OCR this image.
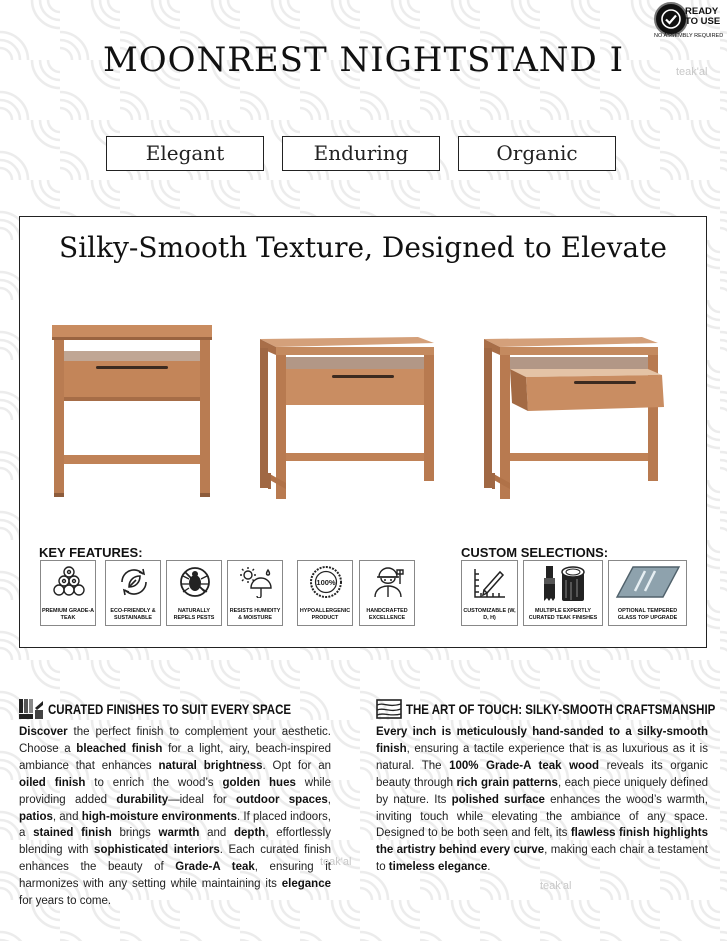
teak'al
teak'al
teak'al
READY
TO USE
NO ASSEMBLY REQUIRED
MOONREST NIGHTSTAND I
Elegant	Enduring	Organic
Silky-Smooth Texture, Designed to Elevate
KEY FEATURES:
PREMIUM GRADE-A TEAK
ECO-FRIENDLY & SUSTAINABLE
NATURALLY REPELS PESTS
RESISTS HUMIDITY & MOISTURE
100%
HYPOALLERGENIC PRODUCT
HANDCRAFTED EXCELLENCE
CUSTOM SELECTIONS:
CUSTOMIZABLE (W, D, H)
MULTIPLE EXPERTLY CURATED TEAK FINISHES
OPTIONAL TEMPERED GLASS TOP UPGRADE
CURATED FINISHES TO SUIT EVERY SPACE	THE ART OF TOUCH: SILKY-SMOOTH CRAFTSMANSHIP
Discover the perfect finish to complement your aesthetic. Choose a bleached finish for a light, airy, beach-inspired ambiance that enhances natural brightness. Opt for an oiled finish to enrich the wood’s golden hues while providing added durability—ideal for outdoor spaces, patios, and high-moisture environments. If placed indoors, a stained finish brings warmth and depth, effortlessly blending with sophisticated interiors. Each curated finish enhances the beauty of Grade-A teak, ensuring it harmonizes with any setting while maintaining its elegance for years to come.
Every inch is meticulously hand-sanded to a silky-smooth finish, ensuring a tactile experience that is as luxurious as it is natural. The 100% Grade-A teak wood reveals its organic beauty through rich grain patterns, each piece uniquely defined by nature. Its polished surface enhances the wood’s warmth, inviting touch while elevating the ambiance of any space. Designed to be both seen and felt, its flawless finish highlights the artistry behind every curve, making each chair a testament to timeless elegance.
